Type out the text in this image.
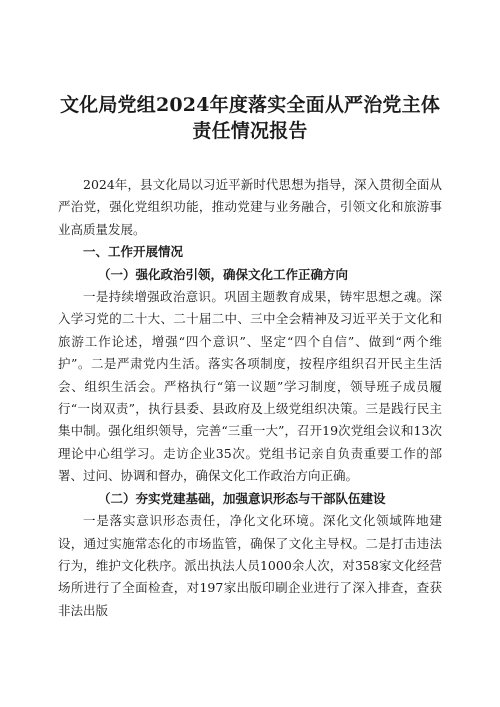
文化局党组2024年度落实全面从严治党主体
责任情况报告

2024年，县文化局以习近平新时代思想为指导，深入贯彻全面从严治党，强化党组织功能，推动党建与业务融合，引领文化和旅游事业高质量发展。

一、工作开展情况

（一）强化政治引领，确保文化工作正确方向

一是持续增强政治意识。巩固主题教育成果，铸牢思想之魂。深入学习党的二十大、二十届二中、三中全会精神及习近平关于文化和旅游工作论述，增强“四个意识”、坚定“四个自信”、做到“两个维护”。二是严肃党内生活。落实各项制度，按程序组织召开民主生活会、组织生活会。严格执行“第一议题”学习制度，领导班子成员履行“一岗双责”，执行县委、县政府及上级党组织决策。三是践行民主集中制。强化组织领导，完善“三重一大”，召开19次党组会议和13次理论中心组学习。走访企业35次。党组书记亲自负责重要工作的部署、过问、协调和督办，确保文化工作政治方向正确。

（二）夯实党建基础，加强意识形态与干部队伍建设

一是落实意识形态责任，净化文化环境。深化文化领域阵地建设，通过实施常态化的市场监管，确保了文化主导权。二是打击违法行为，维护文化秩序。派出执法人员1000余人次，对358家文化经营场所进行了全面检查，对197家出版印刷企业进行了深入排查，查获非法出版
